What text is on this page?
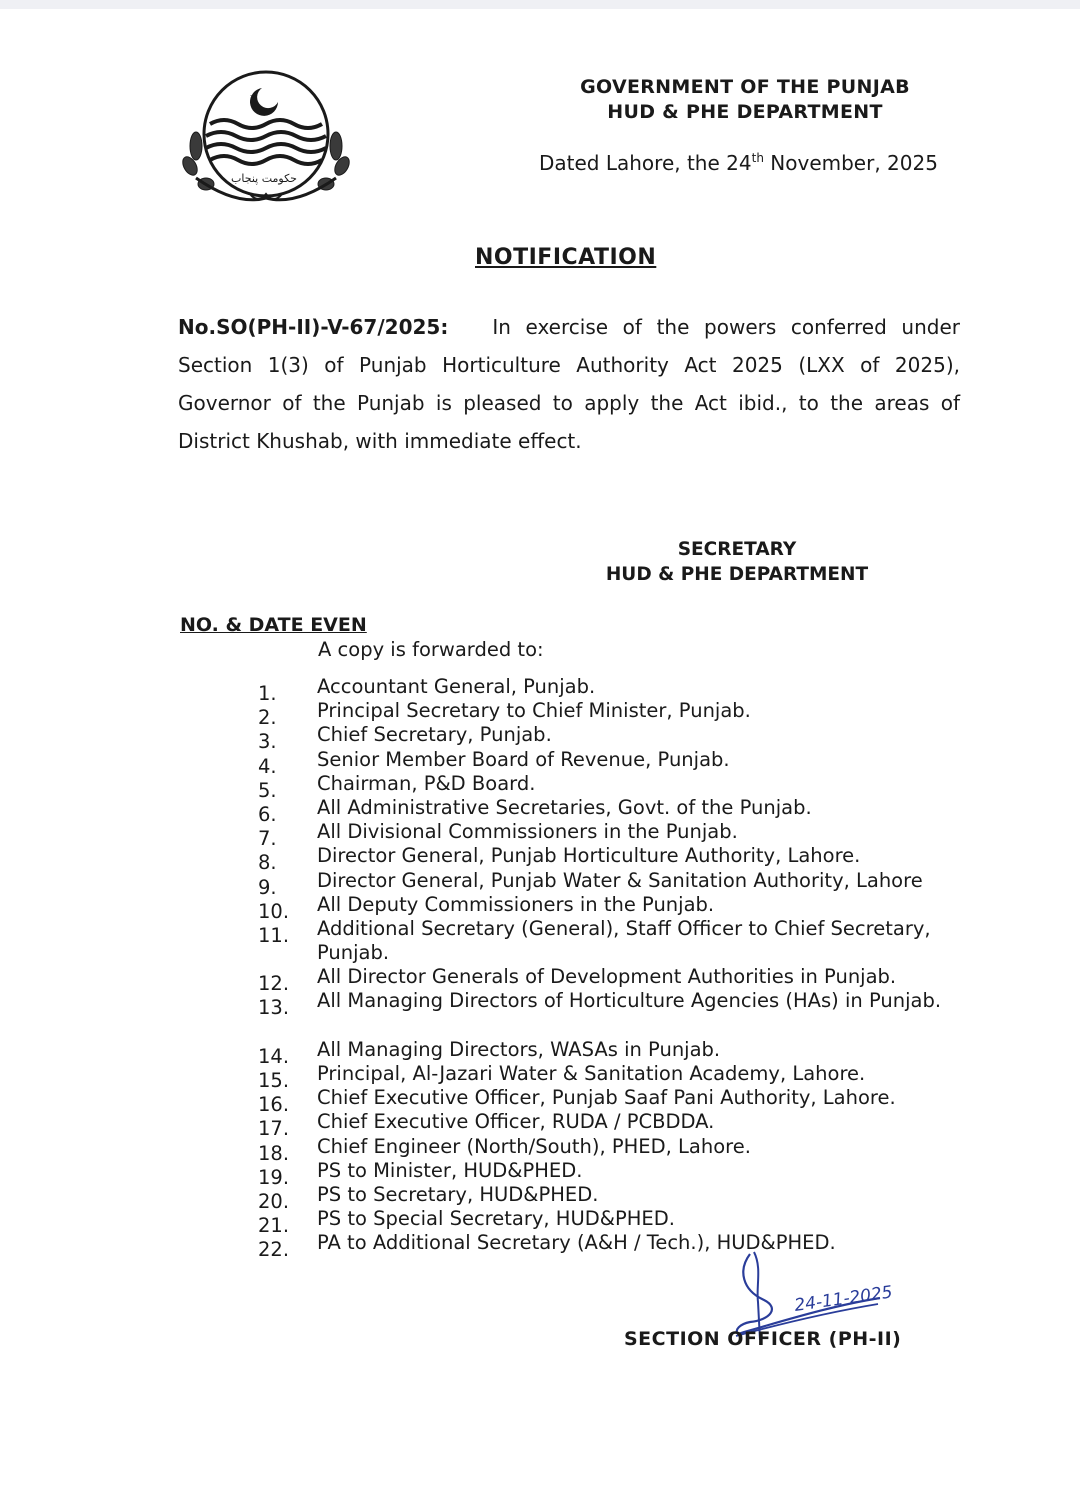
*
حکومت پنجاب
GOVERNMENT OF THE PUNJAB
HUD & PHE DEPARTMENT
Dated Lahore, the 24th November, 2025
NOTIFICATION
No.SO(PH-II)-V-67/2025: In exercise of the powers conferred under
Section 1(3) of Punjab Horticulture Authority Act 2025 (LXX of 2025),
Governor of the Punjab is pleased to apply the Act ibid., to the areas of
District Khushab, with immediate effect.
SECRETARY
HUD & PHE DEPARTMENT
NO. & DATE EVEN
A copy is forwarded to:
1. Accountant General, Punjab.
2. Principal Secretary to Chief Minister, Punjab.
3. Chief Secretary, Punjab.
4. Senior Member Board of Revenue, Punjab.
5. Chairman, P&D Board.
6. All Administrative Secretaries, Govt. of the Punjab.
7. All Divisional Commissioners in the Punjab.
8. Director General, Punjab Horticulture Authority, Lahore.
9. Director General, Punjab Water & Sanitation Authority, Lahore
10. All Deputy Commissioners in the Punjab.
11. Additional Secretary (General), Staff Officer to Chief Secretary, Punjab.
12. All Director Generals of Development Authorities in Punjab.
13. All Managing Directors of Horticulture Agencies (HAs) in Punjab.
14. All Managing Directors, WASAs in Punjab.
15. Principal, Al-Jazari Water & Sanitation Academy, Lahore.
16. Chief Executive Officer, Punjab Saaf Pani Authority, Lahore.
17. Chief Executive Officer, RUDA / PCBDDA.
18. Chief Engineer (North/South), PHED, Lahore.
19. PS to Minister, HUD&PHED.
20. PS to Secretary, HUD&PHED.
21. PS to Special Secretary, HUD&PHED.
22. PA to Additional Secretary (A&H / Tech.), HUD&PHED.
24-11-2025
SECTION OFFICER (PH-II)
